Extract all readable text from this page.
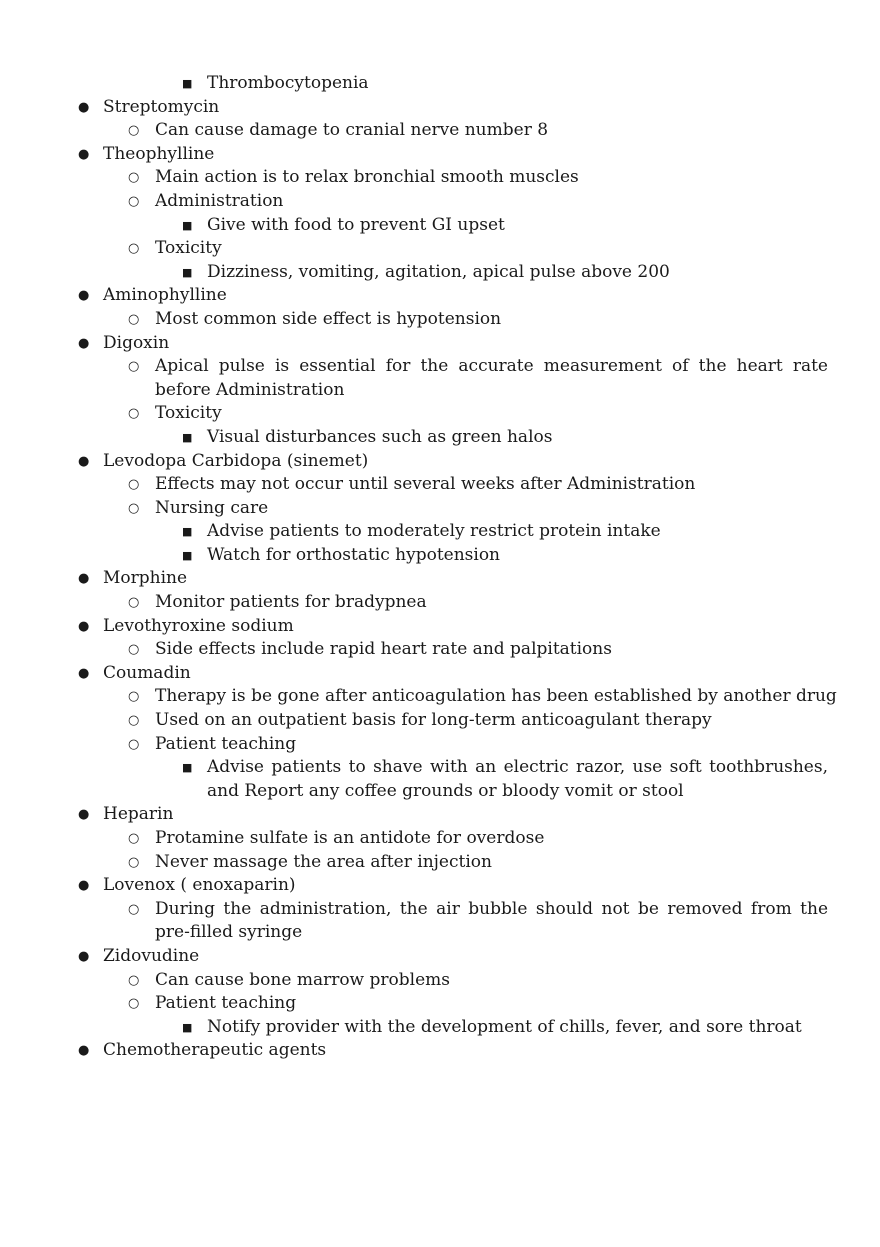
■ Thrombocytopenia
● Streptomycin
○ Can cause damage to cranial nerve number 8
● Theophylline
○ Main action is to relax bronchial smooth muscles
○ Administration
■ Give with food to prevent GI upset
○ Toxicity
■ Dizziness, vomiting, agitation, apical pulse above 200
● Aminophylline
○ Most common side effect is hypotension
● Digoxin
○ Apical pulse is essential for the accurate measurement of the heart rate before Administration
○ Toxicity
■ Visual disturbances such as green halos
● Levodopa Carbidopa (sinemet)
○ Effects may not occur until several weeks after Administration
○ Nursing care
■ Advise patients to moderately restrict protein intake
■ Watch for orthostatic hypotension
● Morphine
○ Monitor patients for bradypnea
● Levothyroxine sodium
○ Side effects include rapid heart rate and palpitations
● Coumadin
○ Therapy is be gone after anticoagulation has been established by another drug
○ Used on an outpatient basis for long-term anticoagulant therapy
○ Patient teaching
■ Advise patients to shave with an electric razor, use soft toothbrushes, and Report any coffee grounds or bloody vomit or stool
● Heparin
○ Protamine sulfate is an antidote for overdose
○ Never massage the area after injection
● Lovenox ( enoxaparin)
○ During the administration, the air bubble should not be removed from the pre-filled syringe
● Zidovudine
○ Can cause bone marrow problems
○ Patient teaching
■ Notify provider with the development of chills, fever, and sore throat
● Chemotherapeutic agents
